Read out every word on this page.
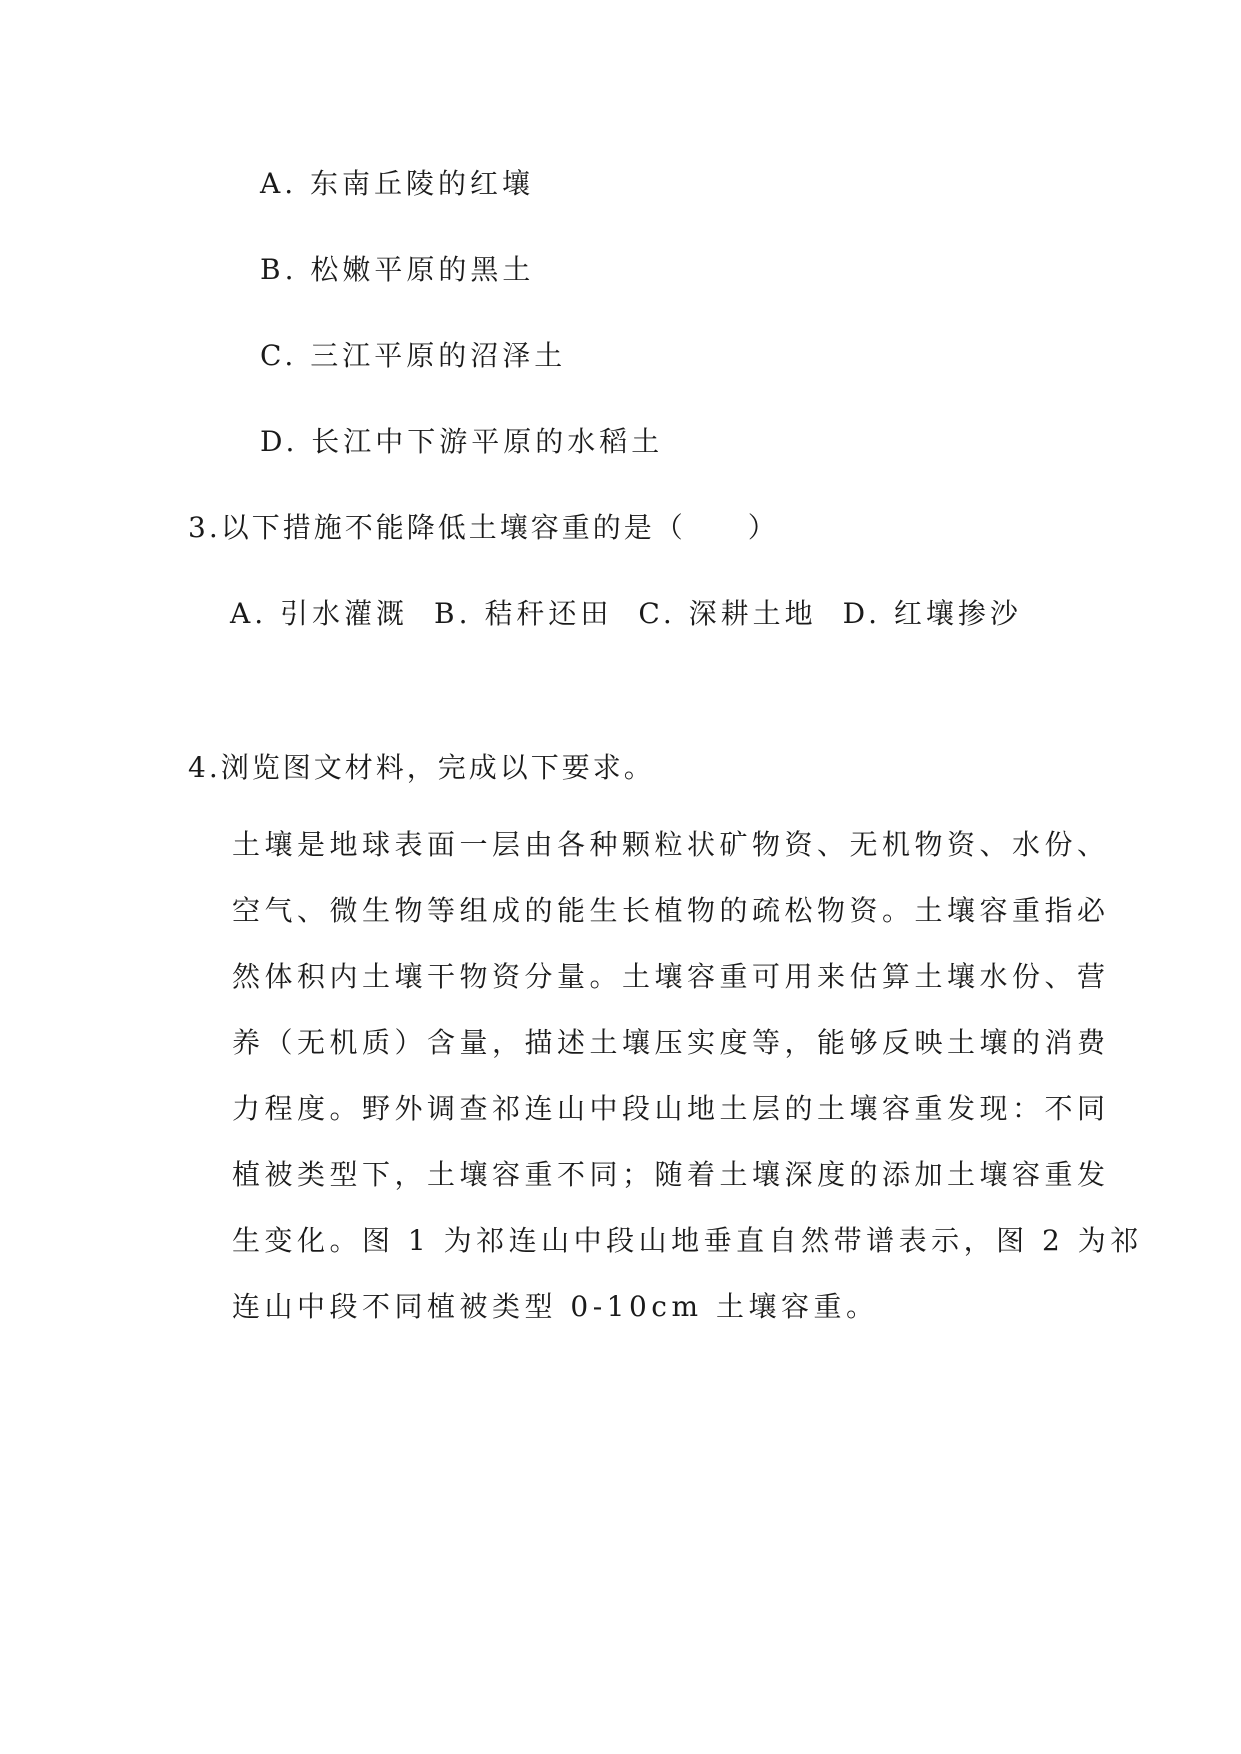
A. 东南丘陵的红壤
B. 松嫩平原的黑土
C. 三江平原的沼泽土
D. 长江中下游平原的水稻土
3.以下措施不能降低土壤容重的是（　　）
A. 引水灌溉 B. 秸秆还田 C. 深耕土地 D. 红壤掺沙
4.浏览图文材料，完成以下要求。
土壤是地球表面一层由各种颗粒状矿物资、无机物资、水份、
空气、微生物等组成的能生长植物的疏松物资。土壤容重指必
然体积内土壤干物资分量。土壤容重可用来估算土壤水份、营
养（无机质）含量，描述土壤压实度等，能够反映土壤的消费
力程度。野外调查祁连山中段山地土层的土壤容重发现：不同
植被类型下，土壤容重不同；随着土壤深度的添加土壤容重发
生变化。图 1 为祁连山中段山地垂直自然带谱表示，图 2 为祁
连山中段不同植被类型 0-10cm 土壤容重。
